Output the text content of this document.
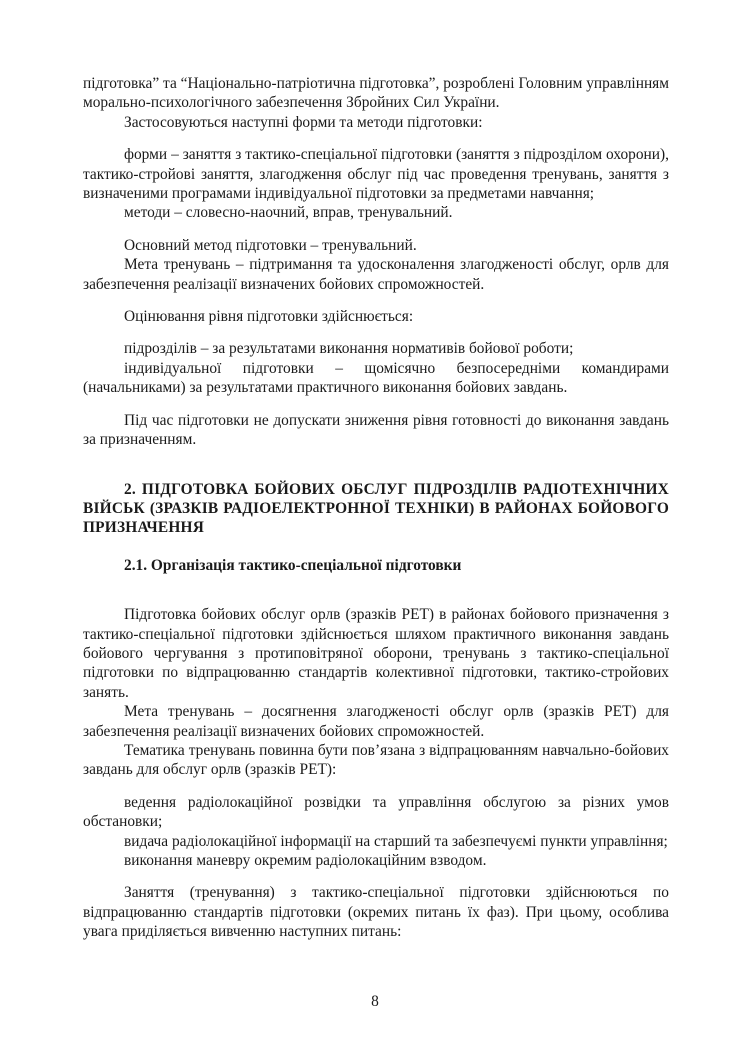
підготовка” та “Національно-патріотична підготовка”, розроблені Головним управлінням морально-психологічного забезпечення Збройних Сил України.

Застосовуються наступні форми та методи підготовки:

форми – заняття з тактико-спеціальної підготовки (заняття з підрозділом охорони), тактико-стройові заняття, злагодження обслуг під час проведення тренувань, заняття з визначеними програмами індивідуальної підготовки за предметами навчання;

методи – словесно-наочний, вправ, тренувальний.

Основний метод підготовки – тренувальний.

Мета тренувань – підтримання та удосконалення злагодженості обслуг, орлв для забезпечення реалізації визначених бойових спроможностей.

Оцінювання рівня підготовки здійснюється:

підрозділів – за результатами виконання нормативів бойової роботи;

індивідуальної підготовки – щомісячно безпосередніми командирами (начальниками) за результатами практичного виконання бойових завдань.

Під час підготовки не допускати зниження рівня готовності до виконання завдань за призначенням.

2. ПІДГОТОВКА БОЙОВИХ ОБСЛУГ ПІДРОЗДІЛІВ РАДІОТЕХНІЧНИХ ВІЙСЬК (ЗРАЗКІВ РАДІОЕЛЕКТРОННОЇ ТЕХНІКИ) В РАЙОНАХ БОЙОВОГО ПРИЗНАЧЕННЯ

2.1. Організація тактико-спеціальної підготовки

Підготовка бойових обслуг орлв (зразків РЕТ) в районах бойового призначення з тактико-спеціальної підготовки здійснюється шляхом практичного виконання завдань бойового чергування з протиповітряної оборони, тренувань з тактико-спеціальної підготовки по відпрацюванню стандартів колективної підготовки, тактико-стройових занять.

Мета тренувань – досягнення злагодженості обслуг орлв (зразків РЕТ) для забезпечення реалізації визначених бойових спроможностей.

Тематика тренувань повинна бути пов’язана з відпрацюванням навчально-бойових завдань для обслуг орлв (зразків РЕТ):

ведення радіолокаційної розвідки та управління обслугою за різних умов обстановки;

видача радіолокаційної інформації на старший та забезпечуємі пункти управління;

виконання маневру окремим радіолокаційним взводом.

Заняття (тренування) з тактико-спеціальної підготовки здійснюються по відпрацюванню стандартів підготовки (окремих питань їх фаз). При цьому, особлива увага приділяється вивченню наступних питань:

8
